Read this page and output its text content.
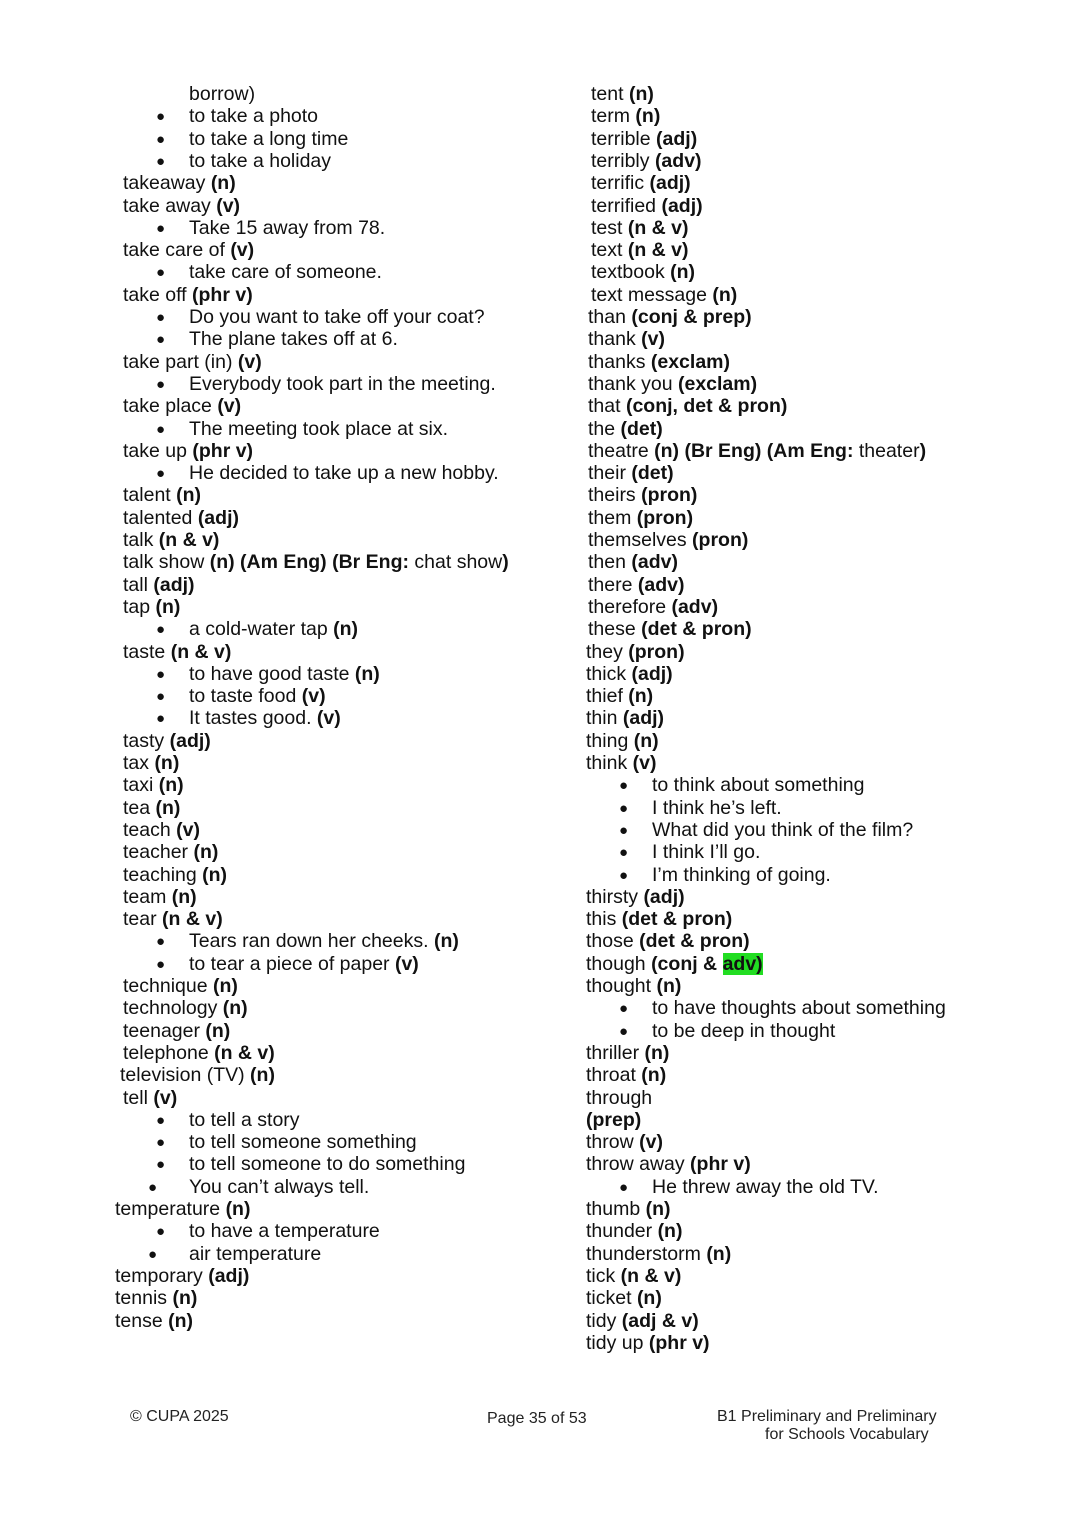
borrow)
● to take a photo
● to take a long time
● to take a holiday
takeaway (n)
take away (v)
● Take 15 away from 78.
take care of (v)
● take care of someone.
take off (phr v)
● Do you want to take off your coat?
● The plane takes off at 6.
take part (in) (v)
● Everybody took part in the meeting.
take place (v)
● The meeting took place at six.
take up (phr v)
● He decided to take up a new hobby.
talent (n)
talented (adj)
talk (n & v)
talk show (n) (Am Eng) (Br Eng: chat show)
tall (adj)
tap (n)
● a cold-water tap (n)
taste (n & v)
● to have good taste (n)
● to taste food (v)
● It tastes good. (v)
tasty (adj)
tax (n)
taxi (n)
tea (n)
teach (v)
teacher (n)
teaching (n)
team (n)
tear (n & v)
● Tears ran down her cheeks. (n)
● to tear a piece of paper (v)
technique (n)
technology (n)
teenager (n)
telephone (n & v)
television (TV) (n)
tell (v)
● to tell a story
● to tell someone something
● to tell someone to do something
● You can’t always tell.
temperature (n)
● to have a temperature
● air temperature
temporary (adj)
tennis (n)
tense (n)
tent (n)
term (n)
terrible (adj)
terribly (adv)
terrific (adj)
terrified (adj)
test (n & v)
text (n & v)
textbook (n)
text message (n)
than (conj & prep)
thank (v)
thanks (exclam)
thank you (exclam)
that (conj, det & pron)
the (det)
theatre (n) (Br Eng) (Am Eng: theater)
their (det)
theirs (pron)
them (pron)
themselves (pron)
then (adv)
there (adv)
therefore (adv)
these (det & pron)
they (pron)
thick (adj)
thief (n)
thin (adj)
thing (n)
think (v)
● to think about something
● I think he’s left.
● What did you think of the film?
● I think I’ll go.
● I’m thinking of going.
thirsty (adj)
this (det & pron)
those (det & pron)
though (conj & adv)
thought (n)
● to have thoughts about something
● to be deep in thought
thriller (n)
throat (n)
through
(prep)
throw (v)
throw away (phr v)
● He threw away the old TV.
thumb (n)
thunder (n)
thunderstorm (n)
tick (n & v)
ticket (n)
tidy (adj & v)
tidy up (phr v)
© CUPA 2025	Page 35 of 53	B1 Preliminary and Preliminary
for Schools Vocabulary
